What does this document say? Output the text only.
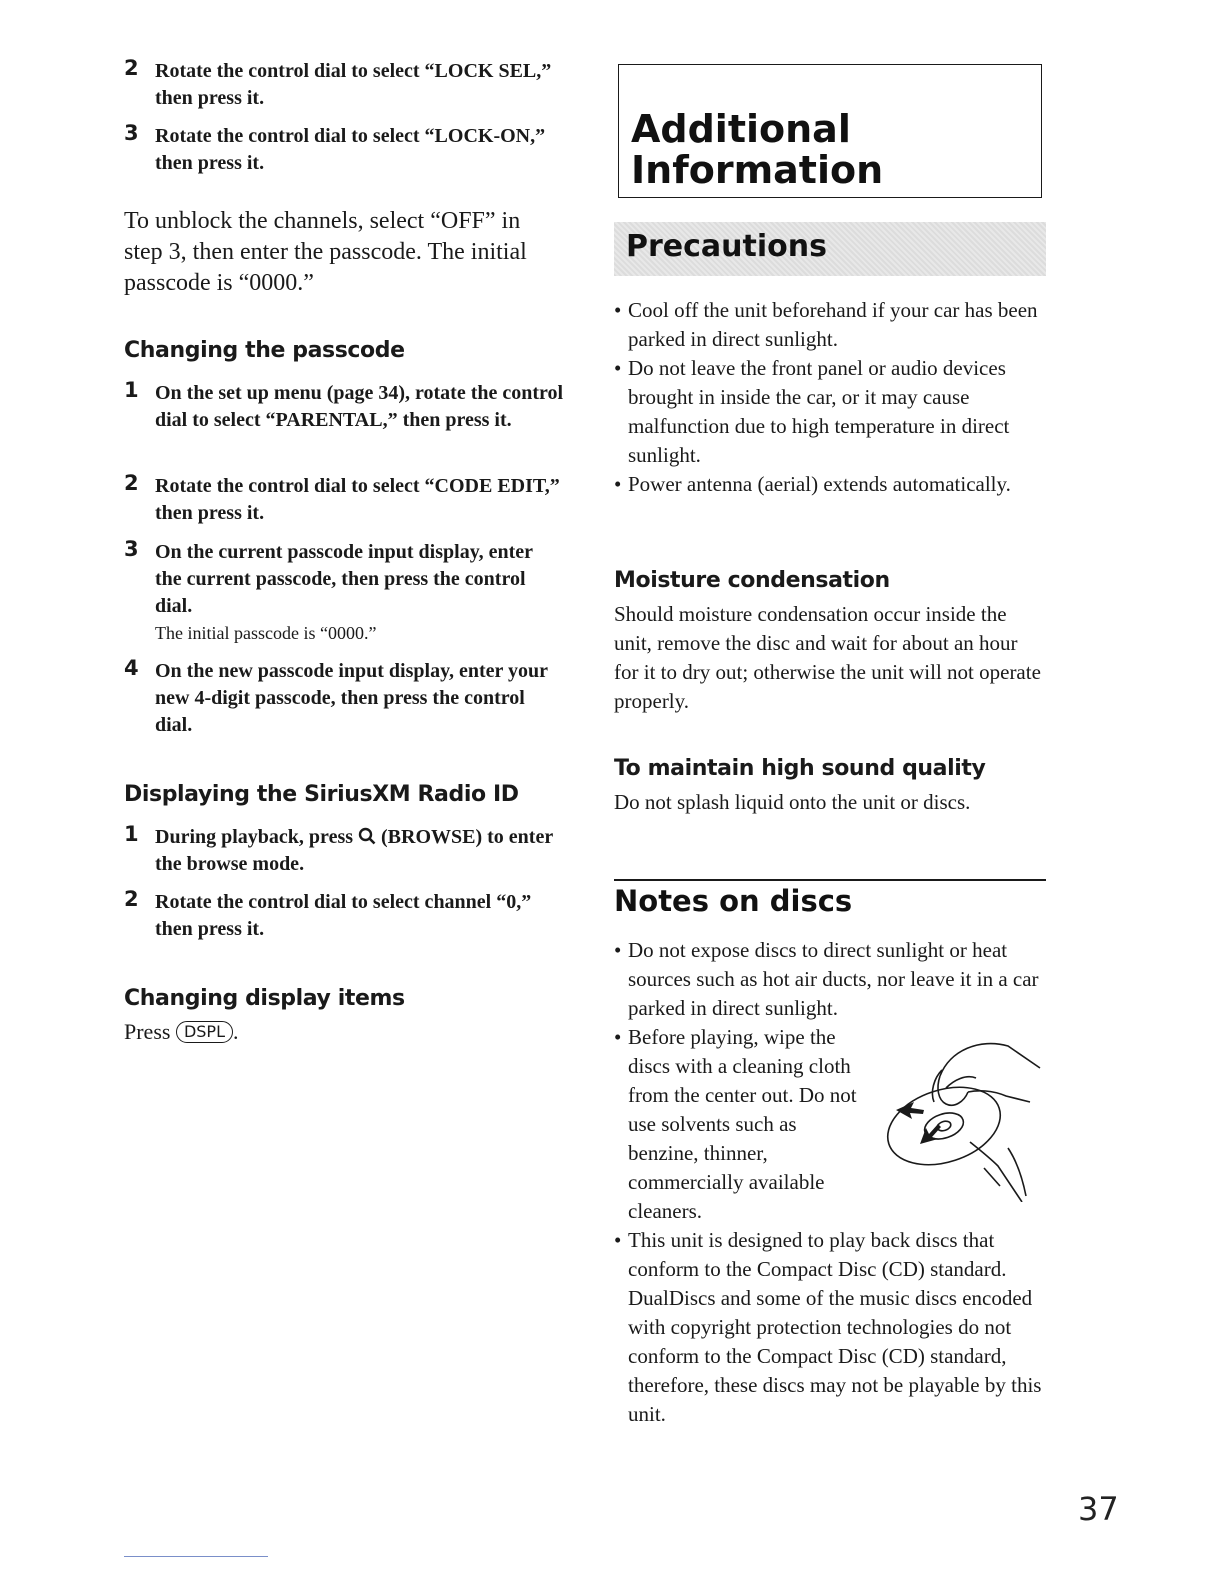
2 Rotate the control dial to select “LOCK SEL,” then press it.
3 Rotate the control dial to select “LOCK-ON,” then press it.
To unblock the channels, select “OFF” in step 3, then enter the passcode. The initial passcode is “0000.”
Changing the passcode
1 On the set up menu (page 34), rotate the control dial to select “PARENTAL,” then press it.
2 Rotate the control dial to select “CODE EDIT,” then press it.
3 On the current passcode input display, enter the current passcode, then press the control dial.
The initial passcode is “0000.”
4 On the new passcode input display, enter your new 4-digit passcode, then press the control dial.
Displaying the SiriusXM Radio ID
1 During playback, press (BROWSE) to enter the browse mode.
2 Rotate the control dial to select channel “0,” then press it.
Changing display items
Press DSPL .
Additional
Information
Precautions
• Cool off the unit beforehand if your car has been parked in direct sunlight.
• Do not leave the front panel or audio devices brought in inside the car, or it may cause malfunction due to high temperature in direct sunlight.
• Power antenna (aerial) extends automatically.
Moisture condensation
Should moisture condensation occur inside the unit, remove the disc and wait for about an hour for it to dry out; otherwise the unit will not operate properly.
To maintain high sound quality
Do not splash liquid onto the unit or discs.
Notes on discs
• Do not expose discs to direct sunlight or heat sources such as hot air ducts, nor leave it in a car parked in direct sunlight.
• Before playing, wipe the
discs with a cleaning cloth
from the center out. Do not
use solvents such as
benzine, thinner,
commercially available
cleaners.
• This unit is designed to play back discs that conform to the Compact Disc (CD) standard. DualDiscs and some of the music discs encoded with copyright protection technologies do not conform to the Compact Disc (CD) standard, therefore, these discs may not be playable by this unit.
37
